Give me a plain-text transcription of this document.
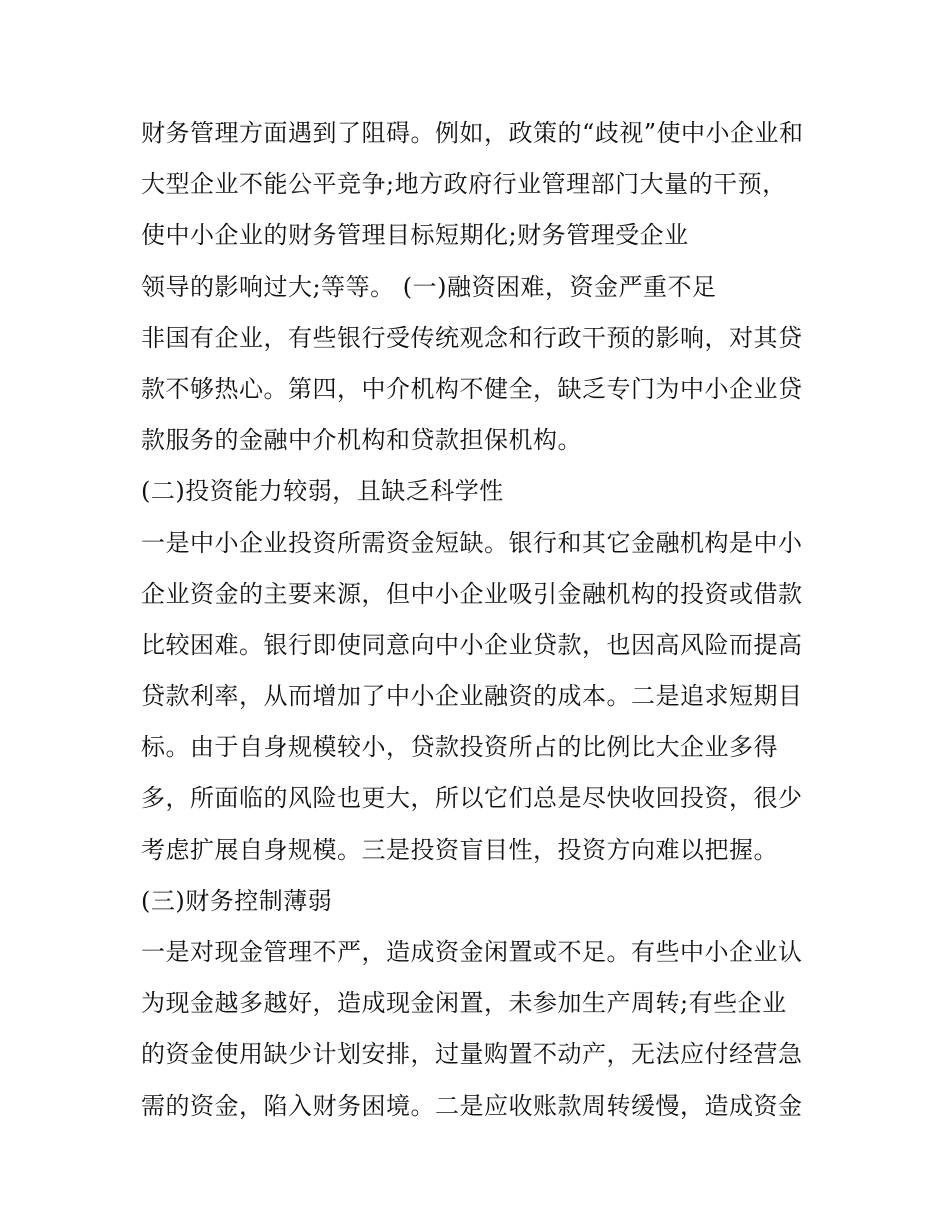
财务管理方面遇到了阻碍。例如，政策的“歧视”使中小企业和
大型企业不能公平竞争;地方政府行业管理部门大量的干预，
使中小企业的财务管理目标短期化;财务管理受企业
领导的影响过大;等等。 (一)融资困难，资金严重不足
非国有企业，有些银行受传统观念和行政干预的影响，对其贷
款不够热心。第四，中介机构不健全，缺乏专门为中小企业贷
款服务的金融中介机构和贷款担保机构。
(二)投资能力较弱，且缺乏科学性
一是中小企业投资所需资金短缺。银行和其它金融机构是中小
企业资金的主要来源，但中小企业吸引金融机构的投资或借款
比较困难。银行即使同意向中小企业贷款，也因高风险而提高
贷款利率，从而增加了中小企业融资的成本。二是追求短期目
标。由于自身规模较小，贷款投资所占的比例比大企业多得
多，所面临的风险也更大，所以它们总是尽快收回投资，很少
考虑扩展自身规模。三是投资盲目性，投资方向难以把握。
(三)财务控制薄弱
一是对现金管理不严，造成资金闲置或不足。有些中小企业认
为现金越多越好，造成现金闲置，未参加生产周转;有些企业
的资金使用缺少计划安排，过量购置不动产，无法应付经营急
需的资金，陷入财务困境。二是应收账款周转缓慢，造成资金
